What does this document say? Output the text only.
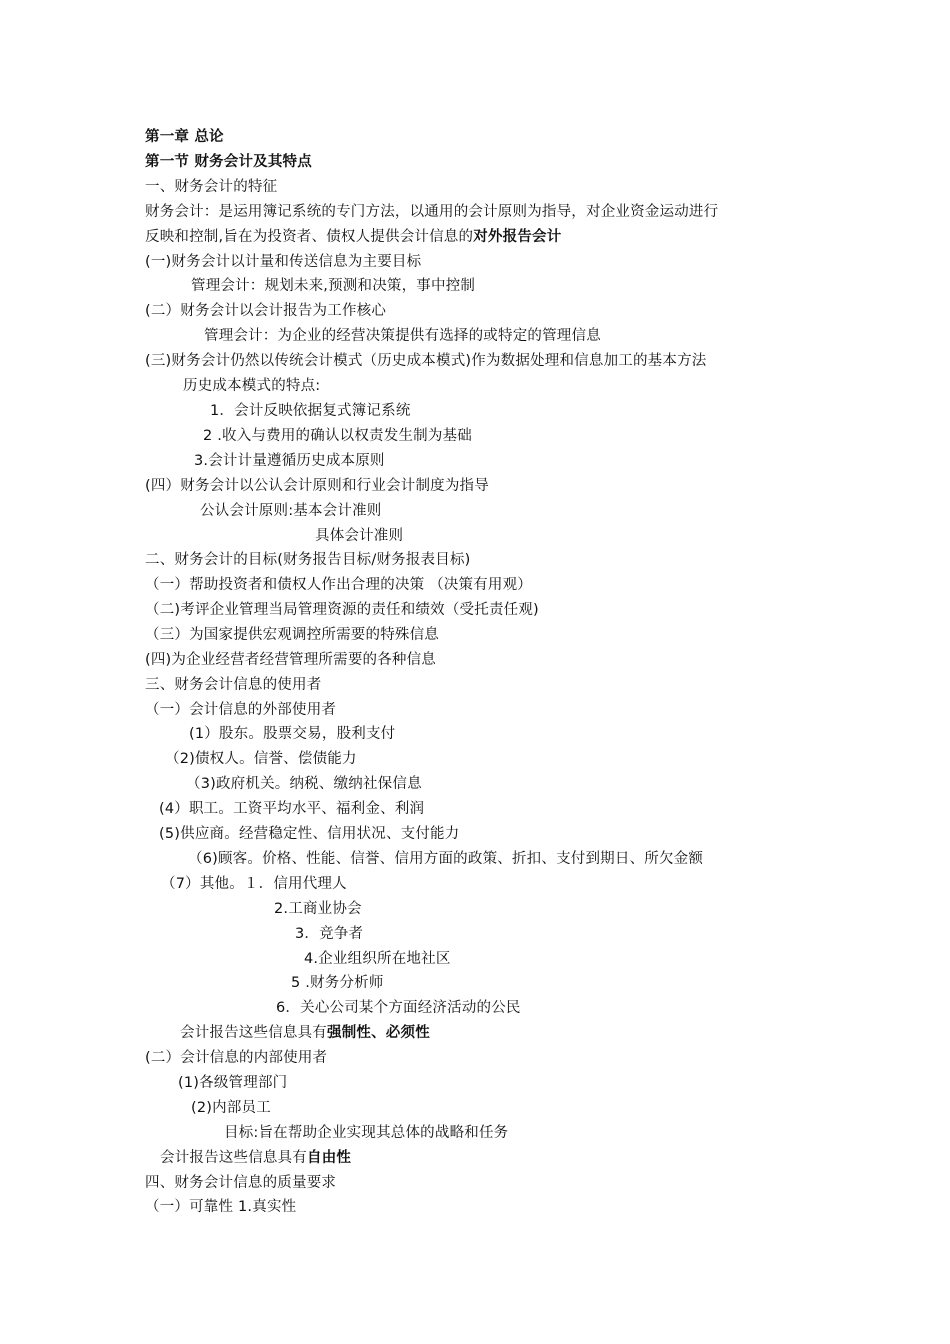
第一章 总论
第一节 财务会计及其特点
一、财务会计的特征
财务会计：是运用簿记系统的专门方法，以通用的会计原则为指导，对企业资金运动进行
反映和控制,旨在为投资者、债权人提供会计信息的对外报告会计
(一)财务会计以计量和传送信息为主要目标
管理会计：规划未来,预测和决策，事中控制
(二）财务会计以会计报告为工作核心
管理会计：为企业的经营决策提供有选择的或特定的管理信息
(三)财务会计仍然以传统会计模式（历史成本模式)作为数据处理和信息加工的基本方法
历史成本模式的特点:
1．会计反映依据复式簿记系统
2 .收入与费用的确认以权责发生制为基础
3.会计计量遵循历史成本原则
(四）财务会计以公认会计原则和行业会计制度为指导
公认会计原则:基本会计准则
具体会计准则
二、财务会计的目标(财务报告目标/财务报表目标)
（一）帮助投资者和债权人作出合理的决策 （决策有用观）
（二)考评企业管理当局管理资源的责任和绩效（受托责任观)
（三）为国家提供宏观调控所需要的特殊信息
(四)为企业经营者经营管理所需要的各种信息
三、财务会计信息的使用者
（一）会计信息的外部使用者
(1）股东。股票交易，股利支付
（2)债权人。信誉、偿债能力
（3)政府机关。纳税、缴纳社保信息
(4）职工。工资平均水平、福利金、利润
(5)供应商。经营稳定性、信用状况、支付能力
（6)顾客。价格、性能、信誉、信用方面的政策、折扣、支付到期日、所欠金额
（7）其他。１．信用代理人
2.工商业协会
3．竞争者
4.企业组织所在地社区
5 .财务分析师
6．关心公司某个方面经济活动的公民
会计报告这些信息具有强制性、必须性
(二）会计信息的内部使用者
(1)各级管理部门
(2)内部员工
目标:旨在帮助企业实现其总体的战略和任务
会计报告这些信息具有自由性
四、财务会计信息的质量要求
（一）可靠性 1.真实性
